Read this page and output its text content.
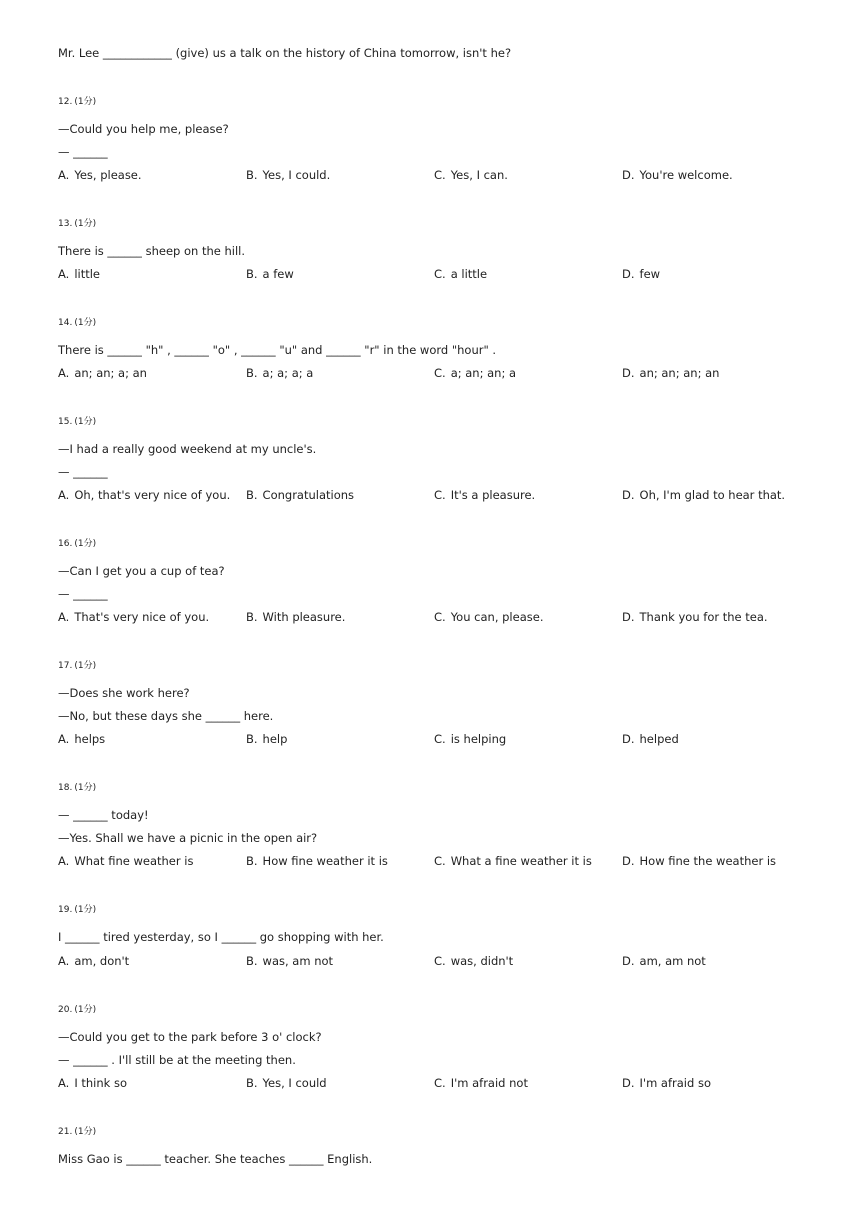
Mr. Lee ____________ (give) us a talk on the history of China tomorrow, isn't he?
12. (1分)
—Could you help me, please?
— ______
A. Yes, please.	B. Yes, I could.	C. Yes, I can.	D. You're welcome.
13. (1分)
There is ______ sheep on the hill.
A. little	B. a few	C. a little	D. few
14. (1分)
There is ______ "h" , ______ "o" , ______ "u" and ______ "r" in the word "hour" .
A. an; an; a; an	B. a; a; a; a	C. a; an; an; a	D. an; an; an; an
15. (1分)
—I had a really good weekend at my uncle's.
— ______
A. Oh, that's very nice of you. B. Congratulations	C. It's a pleasure.	D. Oh, I'm glad to hear that.
16. (1分)
—Can I get you a cup of tea?
— ______
A. That's very nice of you.	B. With pleasure.	C. You can, please.	D. Thank you for the tea.
17. (1分)
—Does she work here?
—No, but these days she ______ here.
A. helps	B. help	C. is helping	D. helped
18. (1分)
— ______ today!
—Yes. Shall we have a picnic in the open air?
A. What fine weather is	B. How fine weather it is	C. What a fine weather it is	D. How fine the weather is
19. (1分)
I ______ tired yesterday, so I ______ go shopping with her.
A. am, don't	B. was, am not	C. was, didn't	D. am, am not
20. (1分)
—Could you get to the park before 3 o' clock?
— ______ . I'll still be at the meeting then.
A. I think so	B. Yes, I could	C. I'm afraid not	D. I'm afraid so
21. (1分)
Miss Gao is ______ teacher. She teaches ______ English.
